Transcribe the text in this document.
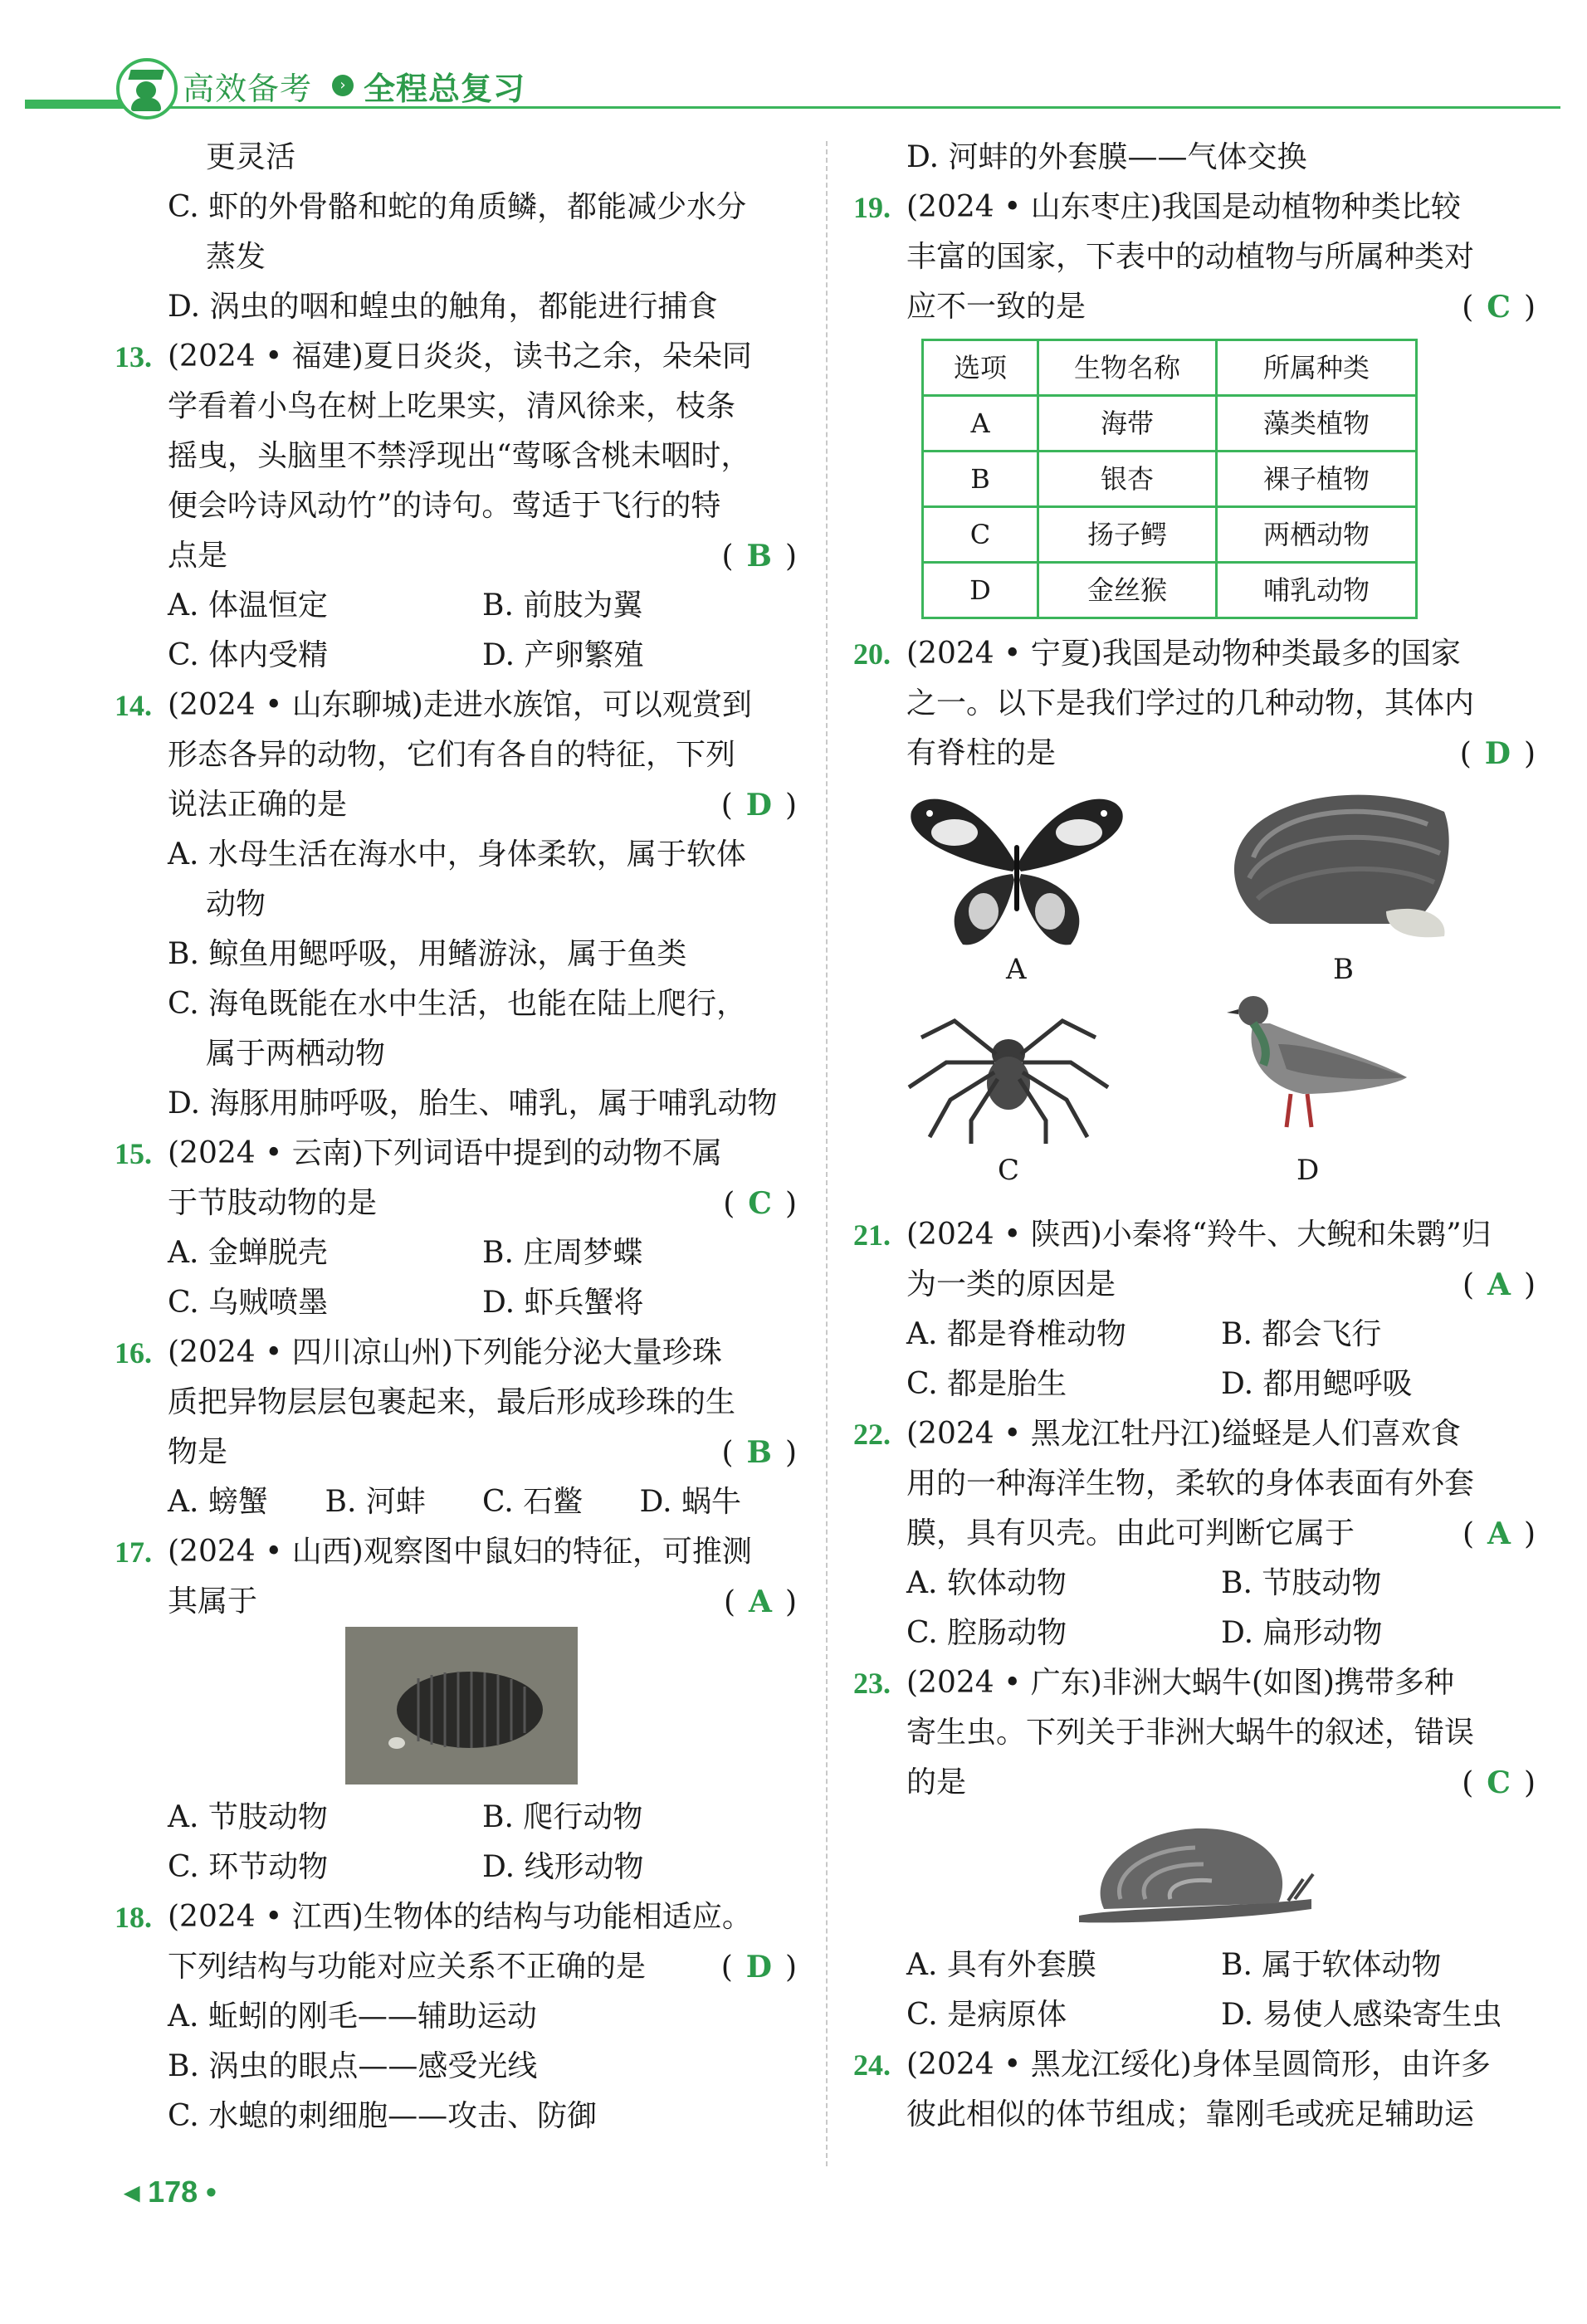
高效备考	› 全程总复习
更灵活
C. 虾的外骨骼和蛇的角质鳞，都能减少水分
蒸发
D. 涡虫的咽和蝗虫的触角，都能进行捕食
13. (2024 • 福建)夏日炎炎，读书之余，朵朵同
学看着小鸟在树上吃果实，清风徐来，枝条
摇曳，头脑里不禁浮现出“莺啄含桃未咽时，
便会吟诗风动竹”的诗句。莺适于飞行的特
点是	( B )
A. 体温恒定	B. 前肢为翼
C. 体内受精	D. 产卵繁殖
14. (2024 • 山东聊城)走进水族馆，可以观赏到
形态各异的动物，它们有各自的特征，下列
说法正确的是	( D )
A. 水母生活在海水中，身体柔软，属于软体
动物
B. 鲸鱼用鳃呼吸，用鳍游泳，属于鱼类
C. 海龟既能在水中生活，也能在陆上爬行，
属于两栖动物
D. 海豚用肺呼吸，胎生、哺乳，属于哺乳动物
15. (2024 • 云南)下列词语中提到的动物不属
于节肢动物的是	( C )
A. 金蝉脱壳	B. 庄周梦蝶
C. 乌贼喷墨	D. 虾兵蟹将
16. (2024 • 四川凉山州)下列能分泌大量珍珠
质把异物层层包裹起来，最后形成珍珠的生
物是	( B )
A. 螃蟹	B. 河蚌	C. 石鳖	D. 蜗牛
17. (2024 • 山西)观察图中鼠妇的特征，可推测
其属于	( A )
A. 节肢动物	B. 爬行动物
C. 环节动物	D. 线形动物
18. (2024 • 江西)生物体的结构与功能相适应。
下列结构与功能对应关系不正确的是	( D )
A. 蚯蚓的刚毛——辅助运动
B. 涡虫的眼点——感受光线
C. 水螅的刺细胞——攻击、防御
D. 河蚌的外套膜——气体交换
19. (2024 • 山东枣庄)我国是动植物种类比较
丰富的国家，下表中的动植物与所属种类对
应不一致的是	( C )
选项	生物名称	所属种类
A	海带	藻类植物
B	银杏	裸子植物
C	扬子鳄	两栖动物
D	金丝猴	哺乳动物
20. (2024 • 宁夏)我国是动物种类最多的国家
之一。以下是我们学过的几种动物，其体内
有脊柱的是	( D )
A	B
C	D
21. (2024 • 陕西)小秦将“羚牛、大鲵和朱鹮”归
为一类的原因是	( A )
A. 都是脊椎动物	B. 都会飞行
C. 都是胎生	D. 都用鳃呼吸
22. (2024 • 黑龙江牡丹江)缢蛏是人们喜欢食
用的一种海洋生物，柔软的身体表面有外套
膜，具有贝壳。由此可判断它属于	( A )
A. 软体动物	B. 节肢动物
C. 腔肠动物	D. 扁形动物
23. (2024 • 广东)非洲大蜗牛(如图)携带多种
寄生虫。下列关于非洲大蜗牛的叙述，错误
的是	( C )
A. 具有外套膜	B. 属于软体动物
C. 是病原体	D. 易使人感染寄生虫
24. (2024 • 黑龙江绥化)身体呈圆筒形，由许多
彼此相似的体节组成；靠刚毛或疣足辅助运
◂ 178 •
